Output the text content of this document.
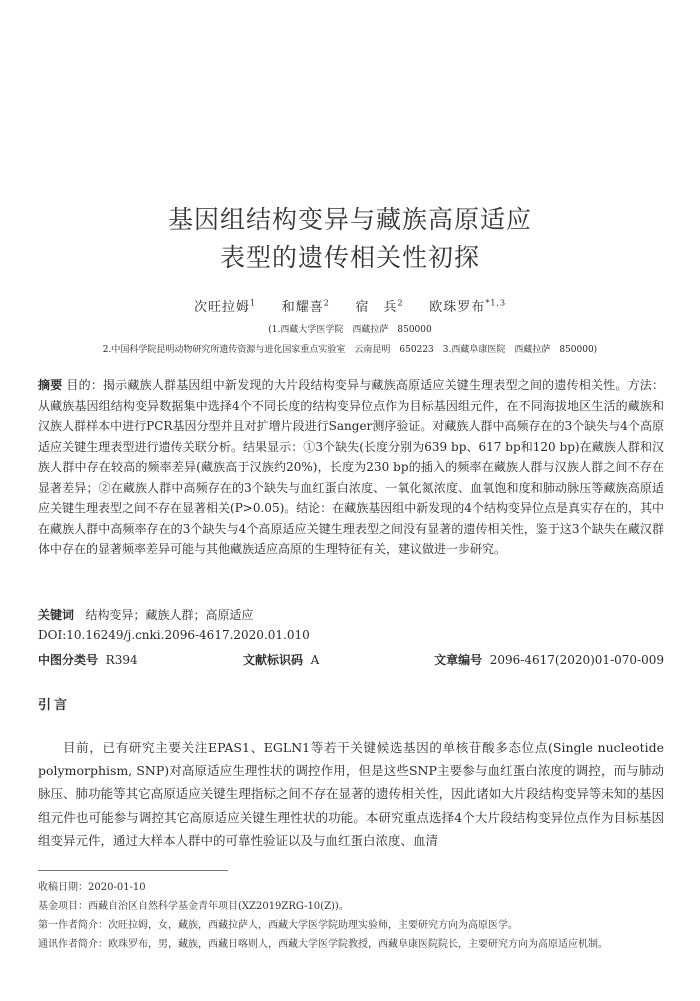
基因组结构变异与藏族高原适应
表型的遗传相关性初探
次旺拉姆$^1$ 和耀喜$^2$ 宿　兵$^2$ 欧珠罗布$^{*1,3}$
(1.西藏大学医学院　西藏拉萨　850000
2.中国科学院昆明动物研究所遗传资源与进化国家重点实验室　云南昆明　650223　3.西藏阜康医院　西藏拉萨　850000)
摘要 目的：揭示藏族人群基因组中新发现的大片段结构变异与藏族高原适应关键生理表型之间的遗传相关性。方法：从藏族基因组结构变异数据集中选择4个不同长度的结构变异位点作为目标基因组元件，在不同海拔地区生活的藏族和汉族人群样本中进行PCR基因分型并且对扩增片段进行Sanger测序验证。对藏族人群中高频存在的3个缺失与4个高原适应关键生理表型进行遗传关联分析。结果显示：①3个缺失(长度分别为639 bp、617 bp和120 bp)在藏族人群和汉族人群中存在较高的频率差异(藏族高于汉族约20%)，长度为230 bp的插入的频率在藏族人群与汉族人群之间不存在显著差异；②在藏族人群中高频存在的3个缺失与血红蛋白浓度、一氧化氮浓度、血氧饱和度和肺动脉压等藏族高原适应关键生理表型之间不存在显著相关(P>0.05)。结论：在藏族基因组中新发现的4个结构变异位点是真实存在的，其中在藏族人群中高频率存在的3个缺失与4个高原适应关键生理表型之间没有显著的遗传相关性，鉴于这3个缺失在藏汉群体中存在的显著频率差异可能与其他藏族适应高原的生理特征有关，建议做进一步研究。
关键词 结构变异；藏族人群；高原适应
DOI:10.16249/j.cnki.2096-4617.2020.01.010
中图分类号 R394	文献标识码 A	文章编号 2096-4617(2020)01-070-009
引言
目前，已有研究主要关注EPAS1、EGLN1等若干关键候选基因的单核苷酸多态位点(Single nucleotide polymorphism, SNP)对高原适应生理性状的调控作用，但是这些SNP主要参与血红蛋白浓度的调控，而与肺动脉压、肺功能等其它高原适应关键生理指标之间不存在显著的遗传相关性，因此诸如大片段结构变异等未知的基因组元件也可能参与调控其它高原适应关键生理性状的功能。本研究重点选择4个大片段结构变异位点作为目标基因组变异元件，通过大样本人群中的可靠性验证以及与血红蛋白浓度、血清
收稿日期：2020-01-10
基金项目：西藏自治区自然科学基金青年项目(XZ2019ZRG-10(Z))。
第一作者简介：次旺拉姆，女，藏族，西藏拉萨人，西藏大学医学院助理实验师，主要研究方向为高原医学。
通讯作者简介：欧珠罗布，男，藏族，西藏日喀则人，西藏大学医学院教授，西藏阜康医院院长，主要研究方向为高原适应机制。
